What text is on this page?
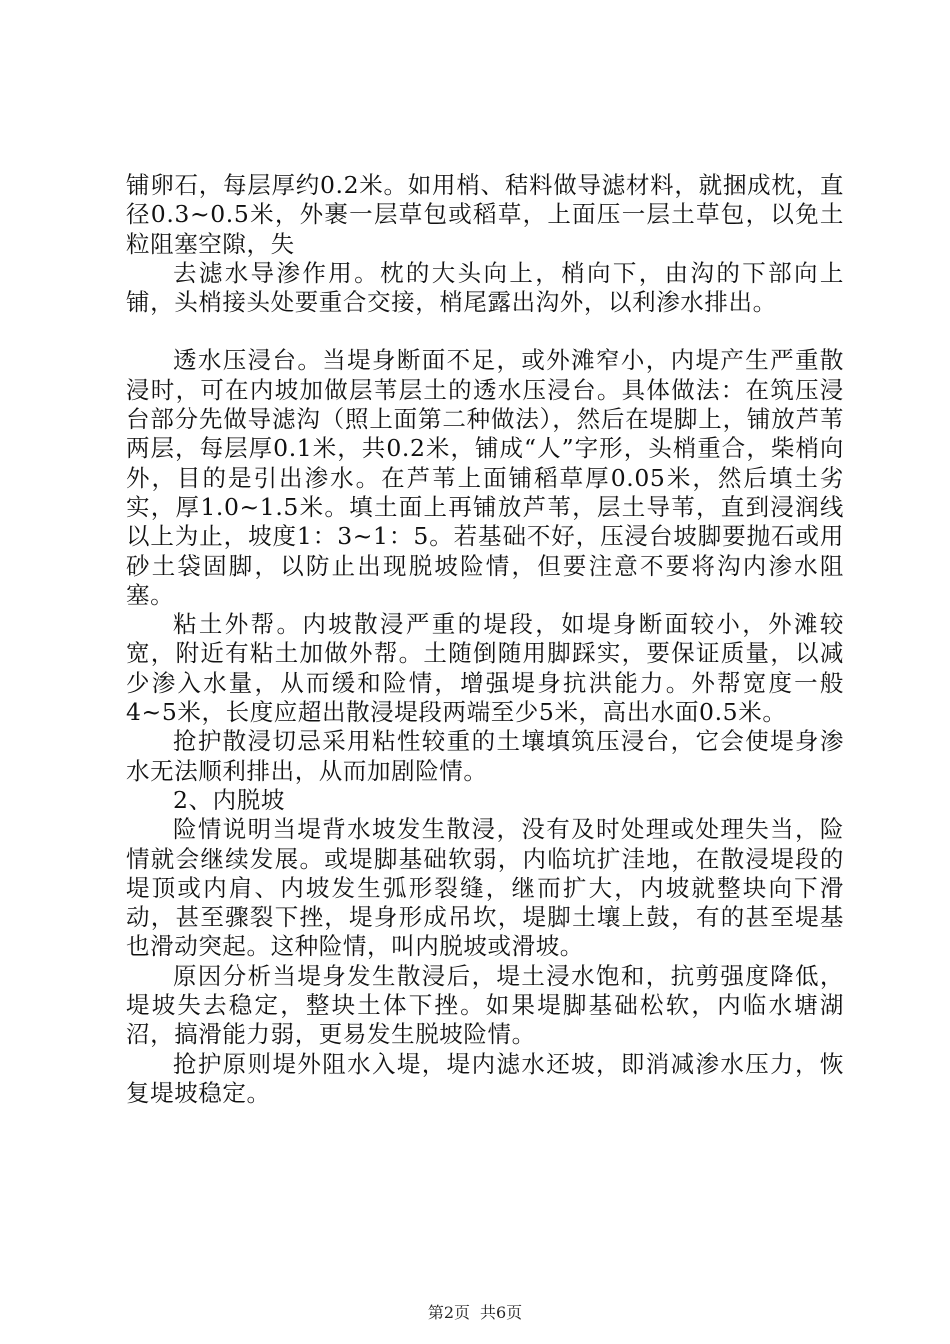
铺卵石，每层厚约0.2米。如用梢、秸料做导滤材料，就捆成枕，直径0.3~0.5米，外裹一层草包或稻草，上面压一层土草包，以免土粒阻塞空隙，失

去滤水导渗作用。枕的大头向上，梢向下，由沟的下部向上铺，头梢接头处要重合交接，梢尾露出沟外，以利渗水排出。

透水压浸台。当堤身断面不足，或外滩窄小，内堤产生严重散浸时，可在内坡加做层苇层土的透水压浸台。具体做法：在筑压浸台部分先做导滤沟（照上面第二种做法），然后在堤脚上，铺放芦苇两层，每层厚0.1米，共0.2米，铺成“人”字形，头梢重合，柴梢向外，目的是引出渗水。在芦苇上面铺稻草厚0.05米，然后填土劣实，厚1.0~1.5米。填土面上再铺放芦苇，层土导苇，直到浸润线以上为止，坡度1：3~1：5。若基础不好，压浸台坡脚要抛石或用砂土袋固脚，以防止出现脱坡险情，但要注意不要将沟内渗水阻塞。

粘土外帮。内坡散浸严重的堤段，如堤身断面较小，外滩较宽，附近有粘土加做外帮。土随倒随用脚踩实，要保证质量，以减少渗入水量，从而缓和险情，增强堤身抗洪能力。外帮宽度一般4~5米，长度应超出散浸堤段两端至少5米，高出水面0.5米。

抢护散浸切忌采用粘性较重的土壤填筑压浸台，它会使堤身渗水无法顺利排出，从而加剧险情。

2、内脱坡

险情说明当堤背水坡发生散浸，没有及时处理或处理失当，险情就会继续发展。或堤脚基础软弱，内临坑扩洼地，在散浸堤段的堤顶或内肩、内坡发生弧形裂缝，继而扩大，内坡就整块向下滑动，甚至骤裂下挫，堤身形成吊坎，堤脚土壤上鼓，有的甚至堤基也滑动突起。这种险情，叫内脱坡或滑坡。

原因分析当堤身发生散浸后，堤土浸水饱和，抗剪强度降低，堤坡失去稳定，整块土体下挫。如果堤脚基础松软，内临水塘湖沼，搞滑能力弱，更易发生脱坡险情。

抢护原则堤外阻水入堤，堤内滤水还坡，即消减渗水压力，恢复堤坡稳定。

第2页 共6页
